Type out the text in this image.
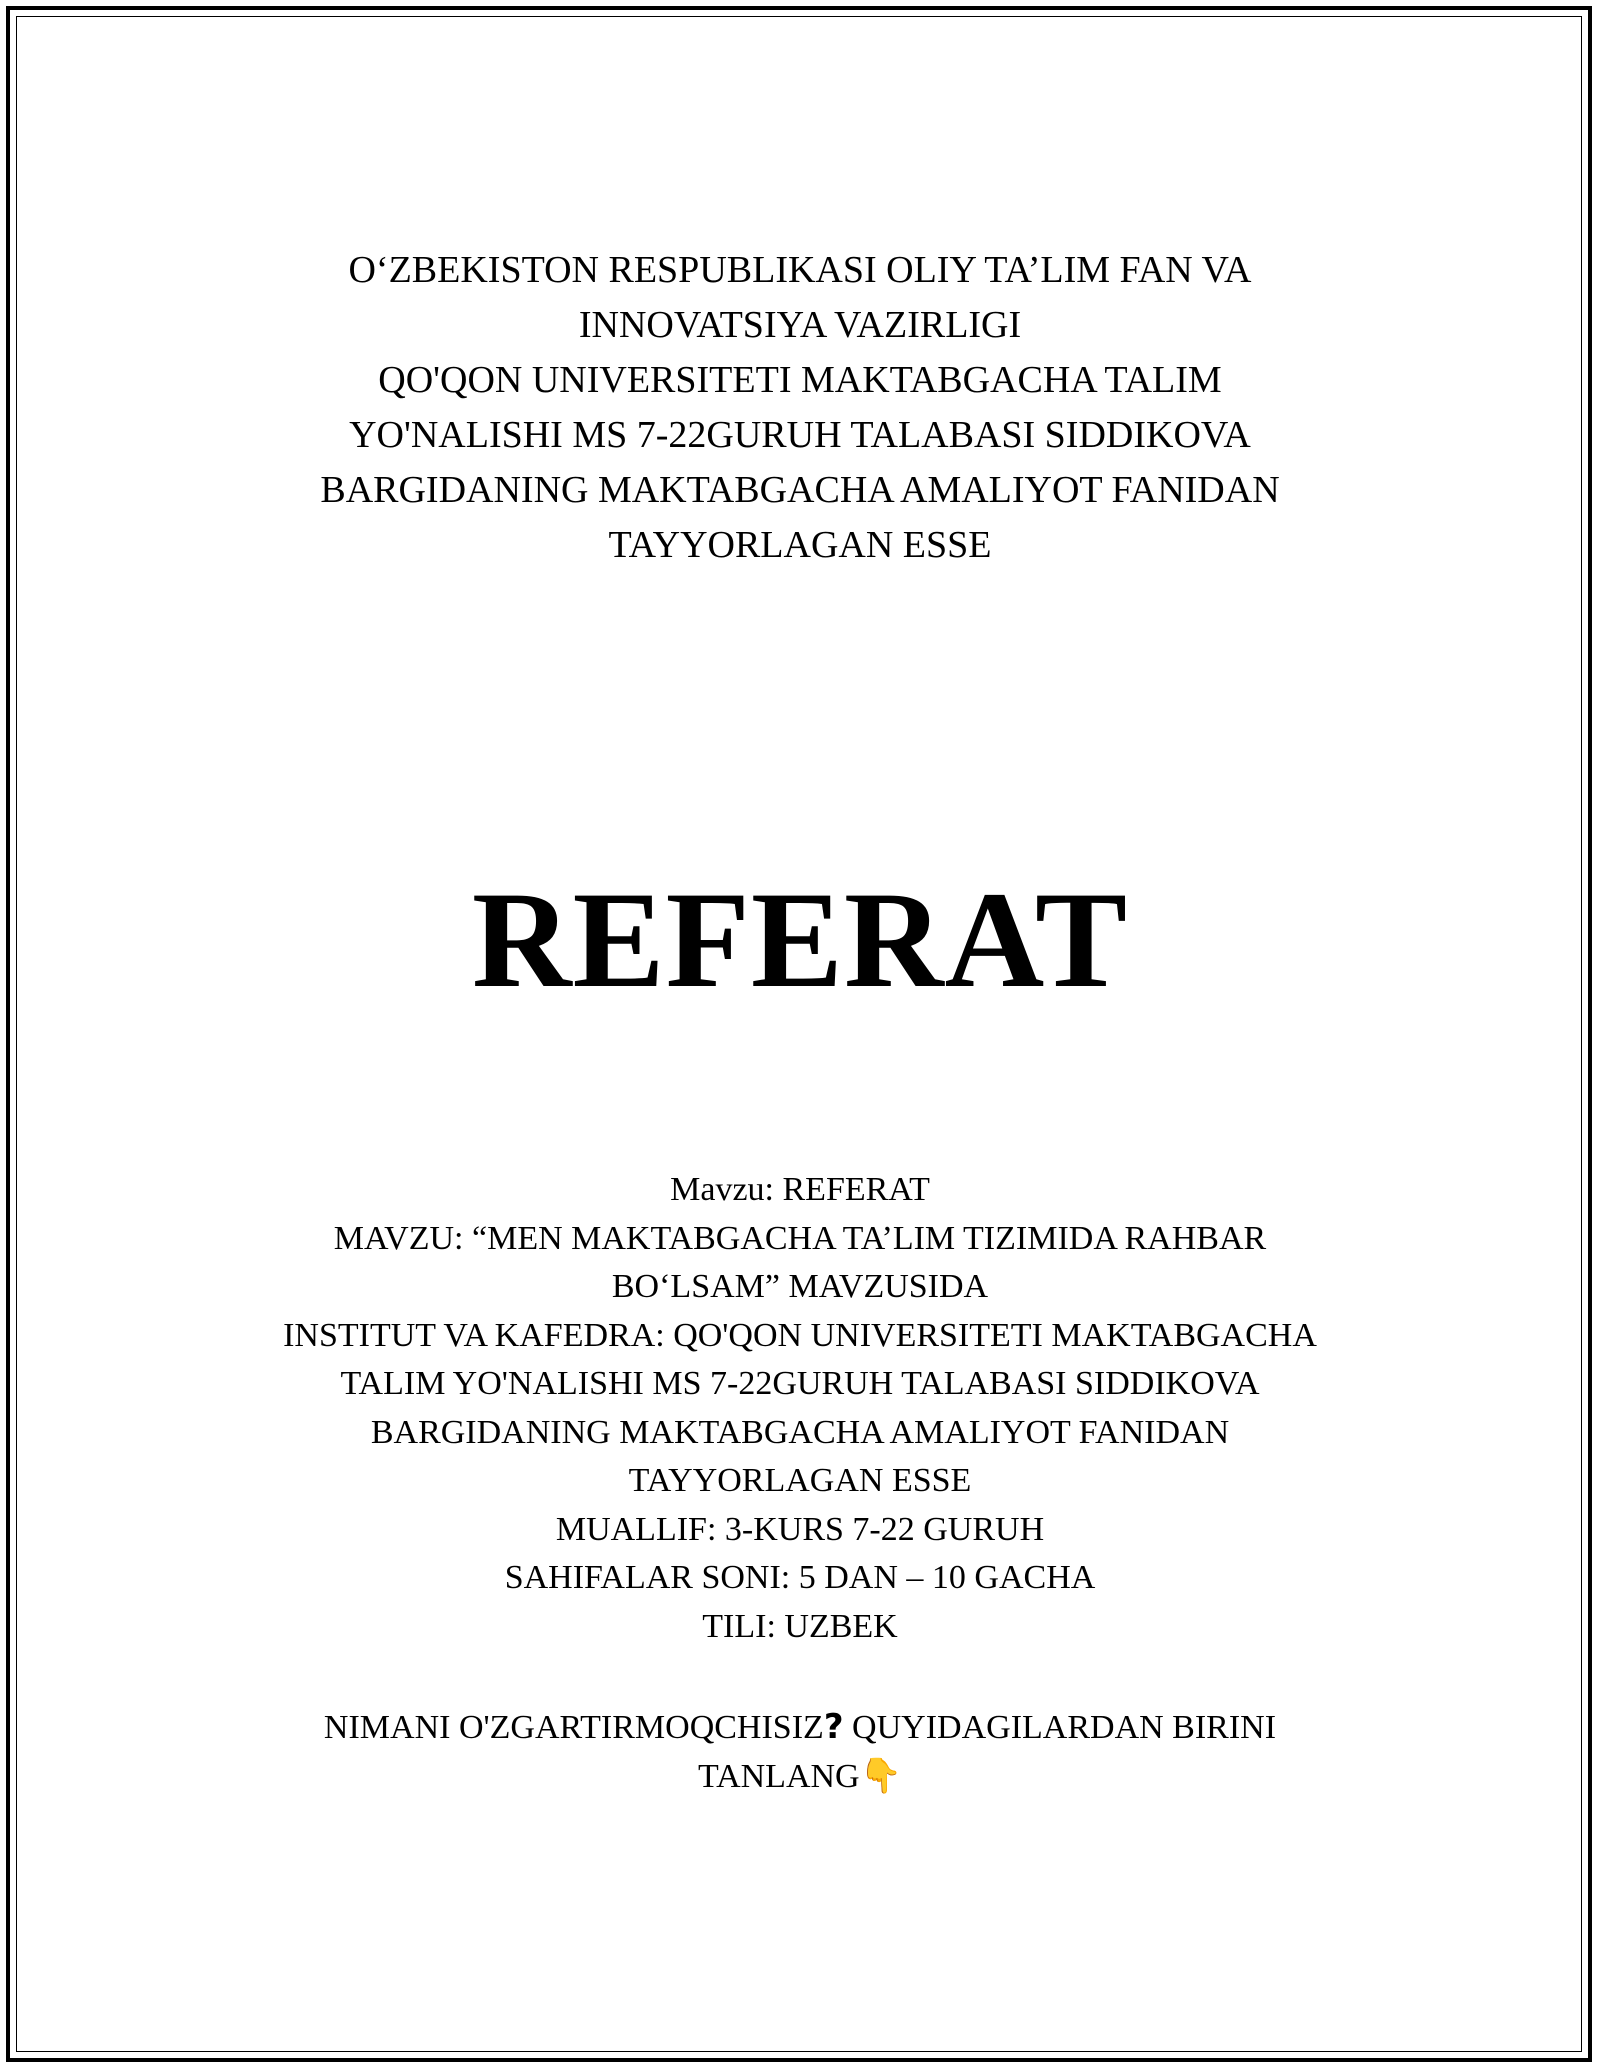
O‘ZBEKISTON RESPUBLIKASI OLIY TA’LIM FAN VA
INNOVATSIYA VAZIRLIGI
QO'QON UNIVERSITETI MAKTABGACHA TALIM
YO'NALISHI MS 7-22GURUH TALABASI SIDDIKOVA
BARGIDANING MAKTABGACHA AMALIYOT FANIDAN
TAYYORLAGAN ESSE
REFERAT
Mavzu: REFERAT
MAVZU: “MEN MAKTABGACHA TA’LIM TIZIMIDA RAHBAR
BO‘LSAM” MAVZUSIDA
INSTITUT VA KAFEDRA: QO'QON UNIVERSITETI MAKTABGACHA
TALIM YO'NALISHI MS 7-22GURUH TALABASI SIDDIKOVA
BARGIDANING MAKTABGACHA AMALIYOT FANIDAN
TAYYORLAGAN ESSE
MUALLIF: 3-KURS 7-22 GURUH
SAHIFALAR SONI: 5 DAN – 10 GACHA
TILI: UZBEK
NIMANI O'ZGARTIRMOQCHISIZ? QUYIDAGILARDAN BIRINI
TANLANG👇
